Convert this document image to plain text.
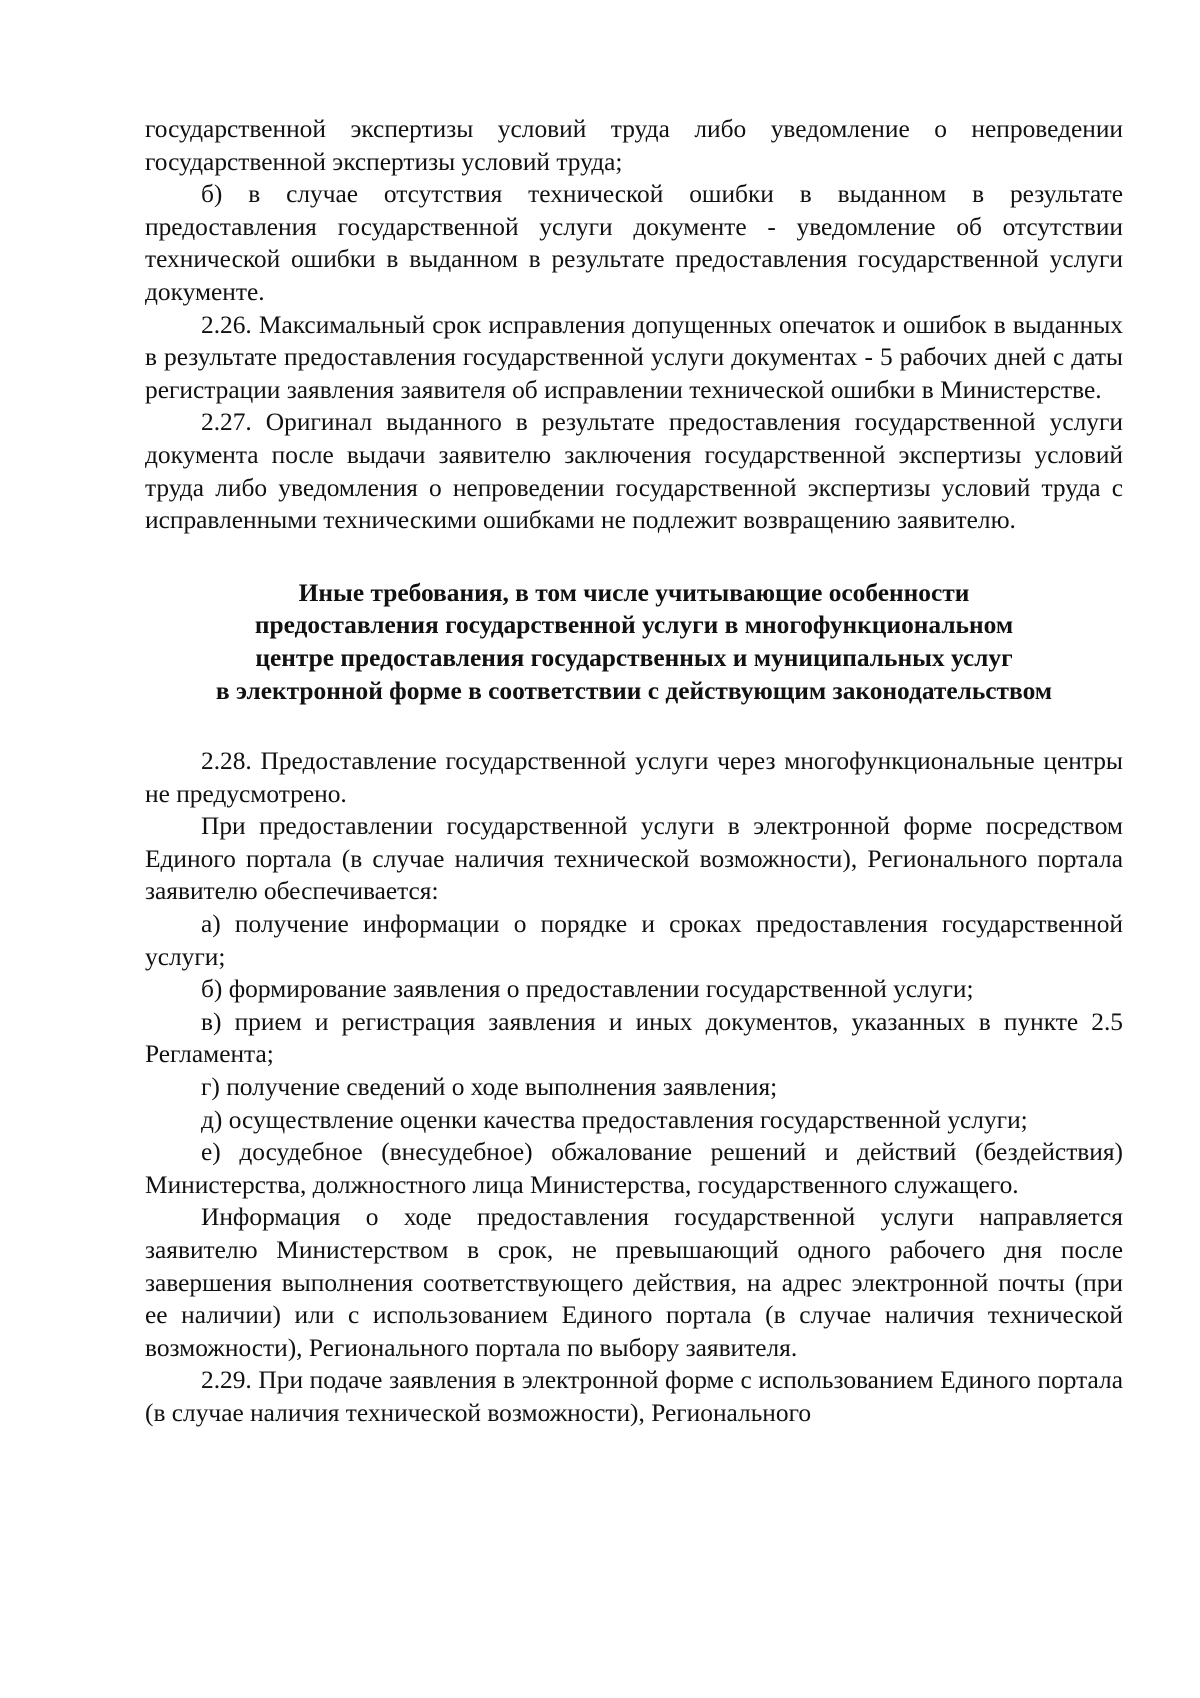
государственной экспертизы условий труда либо уведомление о непроведении государственной экспертизы условий труда;

б) в случае отсутствия технической ошибки в выданном в результате предоставления государственной услуги документе - уведомление об отсутствии технической ошибки в выданном в результате предоставления государственной услуги документе.

2.26. Максимальный срок исправления допущенных опечаток и ошибок в выданных в результате предоставления государственной услуги документах - 5 рабочих дней с даты регистрации заявления заявителя об исправлении технической ошибки в Министерстве.

2.27. Оригинал выданного в результате предоставления государственной услуги документа после выдачи заявителю заключения государственной экспертизы условий труда либо уведомления о непроведении государственной экспертизы условий труда с исправленными техническими ошибками не подлежит возвращению заявителю.

Иные требования, в том числе учитывающие особенности
предоставления государственной услуги в многофункциональном
центре предоставления государственных и муниципальных услуг
в электронной форме в соответствии с действующим законодательством

2.28. Предоставление государственной услуги через многофункциональные центры не предусмотрено.

При предоставлении государственной услуги в электронной форме посредством Единого портала (в случае наличия технической возможности), Регионального портала заявителю обеспечивается:

а) получение информации о порядке и сроках предоставления государственной услуги;

б) формирование заявления о предоставлении государственной услуги;

в) прием и регистрация заявления и иных документов, указанных в пункте 2.5 Регламента;

г) получение сведений о ходе выполнения заявления;

д) осуществление оценки качества предоставления государственной услуги;

е) досудебное (внесудебное) обжалование решений и действий (бездействия) Министерства, должностного лица Министерства, государственного служащего.

Информация о ходе предоставления государственной услуги направляется заявителю Министерством в срок, не превышающий одного рабочего дня после завершения выполнения соответствующего действия, на адрес электронной почты (при ее наличии) или с использованием Единого портала (в случае наличия технической возможности), Регионального портала по выбору заявителя.

2.29. При подаче заявления в электронной форме с использованием Единого портала (в случае наличия технической возможности), Регионального
